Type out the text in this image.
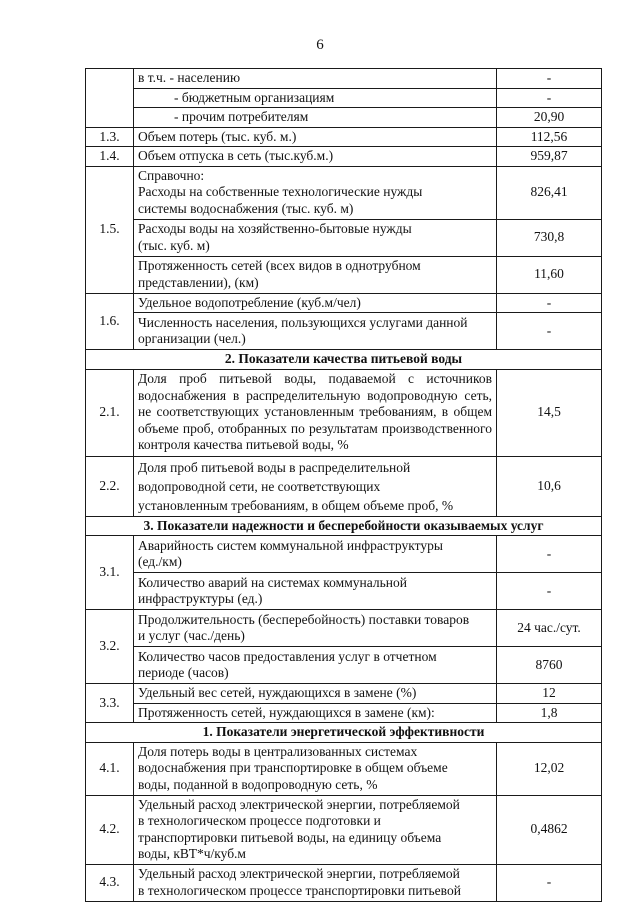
6
	в т.ч. - населению	-
	- бюджетным организациям	-
	- прочим потребителям	20,90
1.3.	Объем потерь (тыс. куб. м.)	112,56
1.4.	Объем отпуска в сеть (тыс.куб.м.)	959,87
1.5.	Справочно:
Расходы на собственные технологические нужды
системы водоснабжения (тыс. куб. м)	826,41

	Расходы воды на хозяйственно-бытовые нужды
(тыс. куб. м)	730,8

	Протяженность сетей (всех видов в однотрубном
представлении), (км)	11,60
1.6.	Удельное водопотребление (куб.м/чел)	-

	Численность населения, пользующихся услугами данной
организации (чел.)	-
2. Показатели качества питьевой воды		
2.1.	Доля проб питьевой воды, подаваемой с источников водоснабжения в распределительную водопроводную сеть, не соответствующих установленным требованиям, в общем объеме проб, отобранных по результатам производственного контроля качества питьевой воды, %	14,5
2.2.	Доля проб питьевой воды в распределительной
водопроводной сети, не соответствующих
установленным требованиям, в общем объеме проб, %	10,6
3. Показатели надежности и бесперебойности оказываемых услуг		
3.1.	Аварийность систем коммунальной инфраструктуры
(ед./км)	-

	Количество аварий на системах коммунальной
инфраструктуры (ед.)	-
3.2.	Продолжительность (бесперебойность) поставки товаров
и услуг (час./день)	24 час./сут.

	Количество часов предоставления услуг в отчетном
периоде (часов)	8760
3.3.	Удельный вес сетей, нуждающихся в замене (%)	12
	Протяженность сетей, нуждающихся в замене (км):	1,8
1. Показатели энергетической эффективности		
4.1.	Доля потерь воды в централизованных системах
водоснабжения при транспортировке в общем объеме
воды, поданной в водопроводную сеть, %	12,02
4.2.	Удельный расход электрической энергии, потребляемой
в технологическом процессе подготовки и
транспортировки питьевой воды, на единицу объема
воды, кВТ*ч/куб.м	0,4862
4.3.	Удельный расход электрической энергии, потребляемой
в технологическом процессе транспортировки питьевой	-
